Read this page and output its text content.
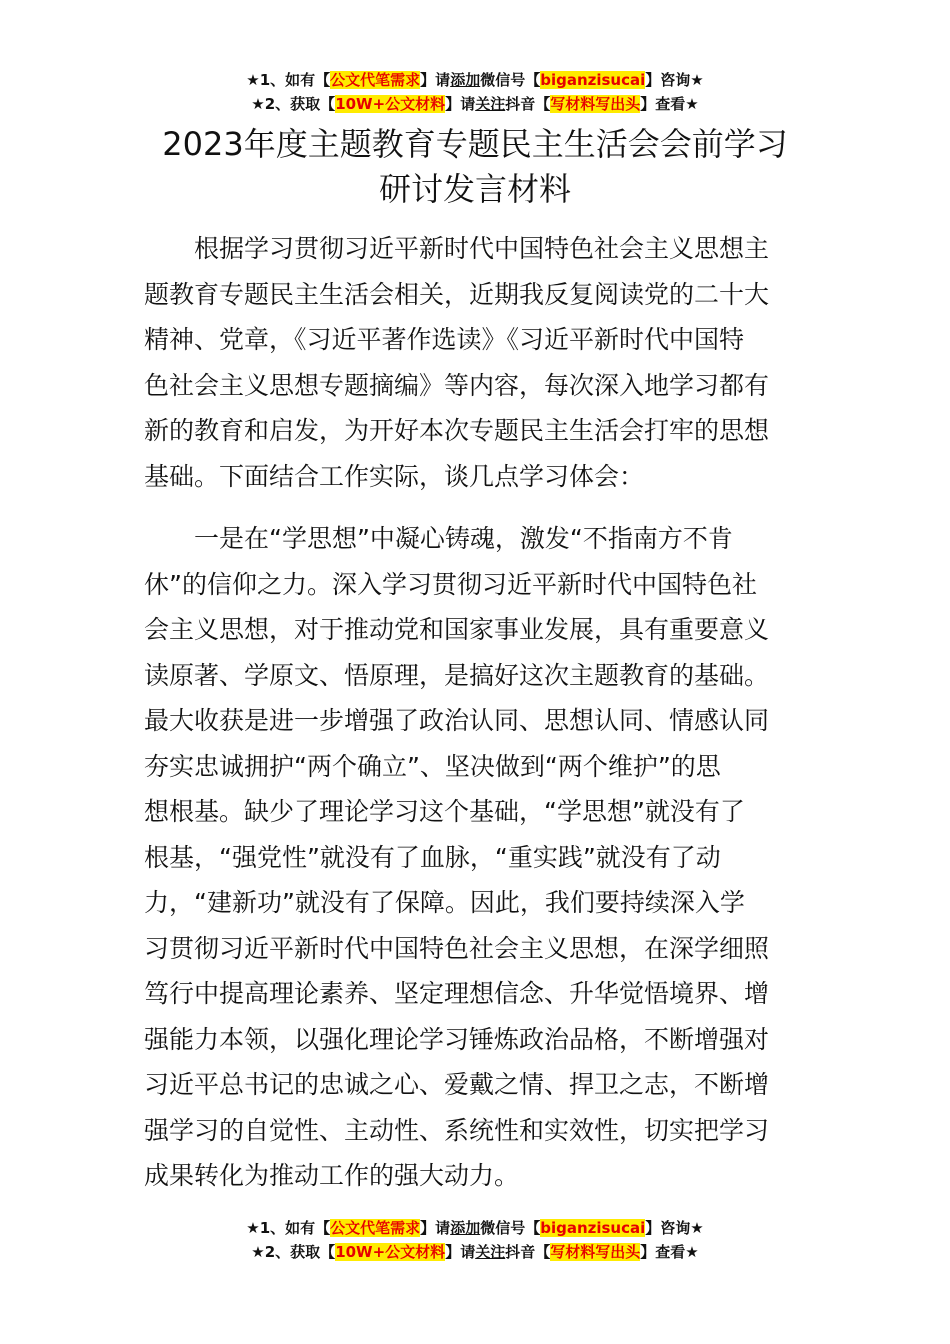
★1、如有【公文代笔需求】请添加微信号【biganzisucai】咨询★
★2、获取【10W+公文材料】请关注抖音【写材料写出头】查看★
2023年度主题教育专题民主生活会会前学习
研讨发言材料
　　根据学习贯彻习近平新时代中国特色社会主义思想主
题教育专题民主生活会相关，近期我反复阅读党的二十大
精神、党章，《习近平著作选读》《习近平新时代中国特
色社会主义思想专题摘编》等内容，每次深入地学习都有
新的教育和启发，为开好本次专题民主生活会打牢的思想
基础。下面结合工作实际，谈几点学习体会：
　　一是在“学思想”中凝心铸魂，激发“不指南方不肯
休”的信仰之力。深入学习贯彻习近平新时代中国特色社
会主义思想，对于推动党和国家事业发展，具有重要意义
读原著、学原文、悟原理，是搞好这次主题教育的基础。
最大收获是进一步增强了政治认同、思想认同、情感认同
夯实忠诚拥护“两个确立”、坚决做到“两个维护”的思
想根基。缺少了理论学习这个基础，“学思想”就没有了
根基，“强党性”就没有了血脉，“重实践”就没有了动
力，“建新功”就没有了保障。因此，我们要持续深入学
习贯彻习近平新时代中国特色社会主义思想，在深学细照
笃行中提高理论素养、坚定理想信念、升华觉悟境界、增
强能力本领，以强化理论学习锤炼政治品格，不断增强对
习近平总书记的忠诚之心、爱戴之情、捍卫之志，不断增
强学习的自觉性、主动性、系统性和实效性，切实把学习
成果转化为推动工作的强大动力。
★1、如有【公文代笔需求】请添加微信号【biganzisucai】咨询★
★2、获取【10W+公文材料】请关注抖音【写材料写出头】查看★
